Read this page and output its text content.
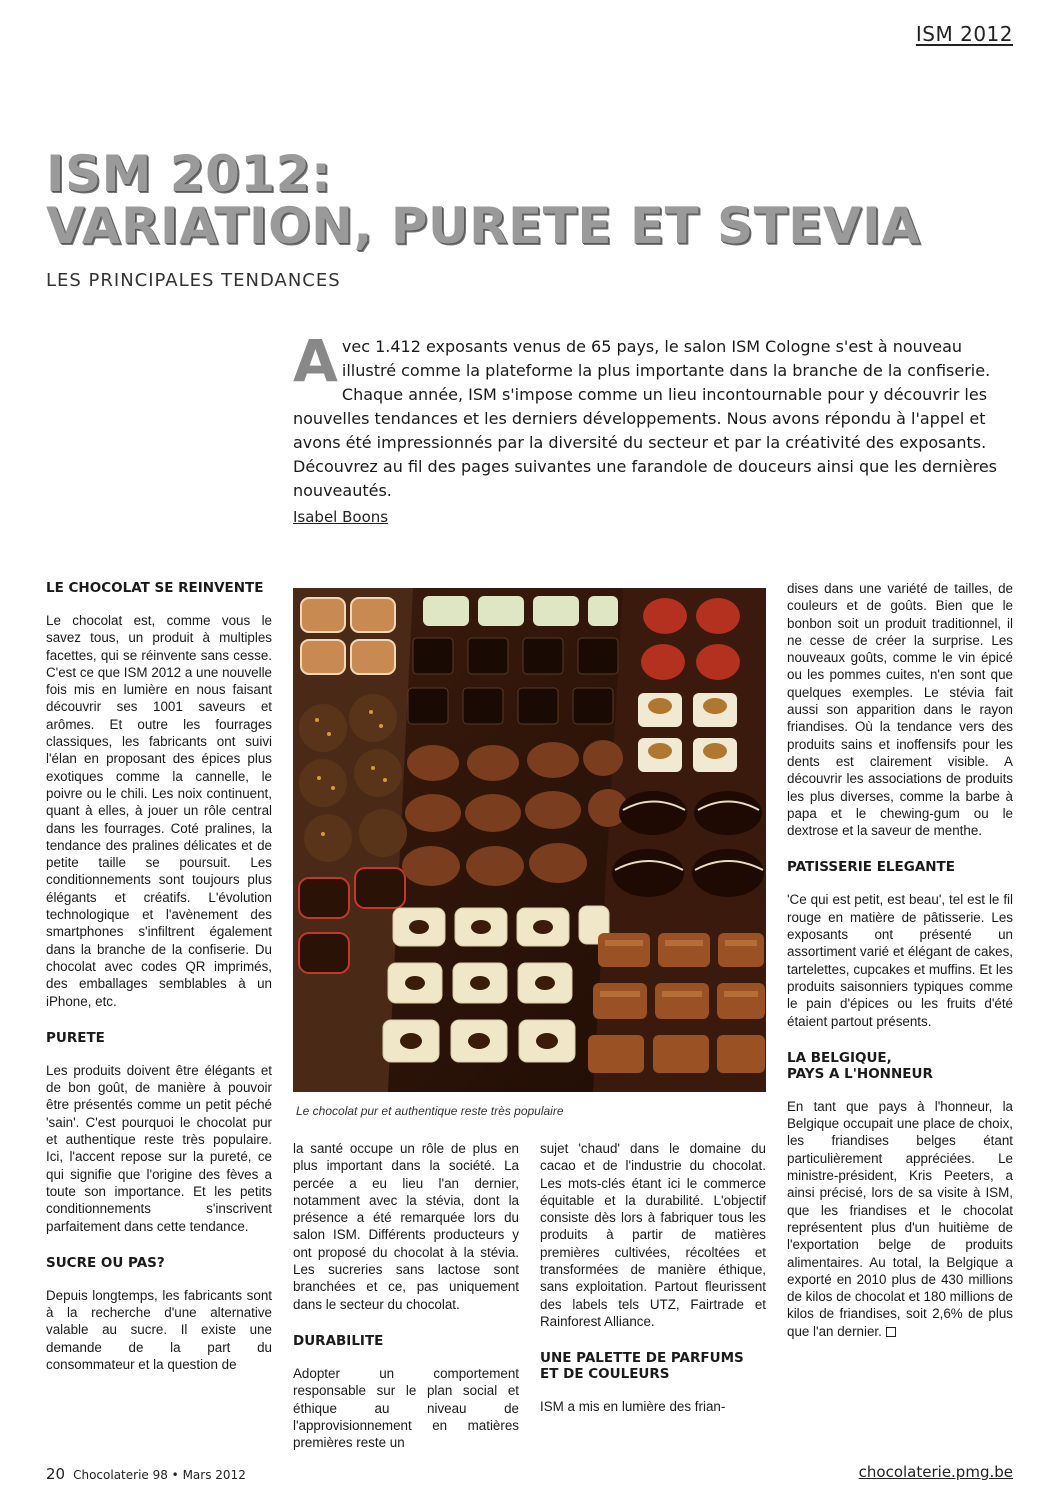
ISM 2012
ISM 2012:
VARIATION, PURETE ET STEVIA
LES PRINCIPALES TENDANCES
A vec 1.412 exposants venus de 65 pays, le salon ISM Cologne s'est à nouveau illustré comme la plateforme la plus importante dans la branche de la confiserie. Chaque année, ISM s'impose comme un lieu incontournable pour y découvrir les nouvelles tendances et les derniers développements. Nous avons répondu à l'appel et avons été impressionnés par la diversité du secteur et par la créativité des exposants. Découvrez au fil des pages suivantes une farandole de douceurs ainsi que les dernières nouveautés.

Isabel Boons
LE CHOCOLAT SE REINVENTE

Le chocolat est, comme vous le savez tous, un produit à multiples facettes, qui se réinvente sans cesse. C'est ce que ISM 2012 a une nouvelle fois mis en lumière en nous faisant découvrir ses 1001 saveurs et arômes. Et outre les fourrages classiques, les fabricants ont suivi l'élan en proposant des épices plus exotiques comme la cannelle, le poivre ou le chili. Les noix continuent, quant à elles, à jouer un rôle central dans les fourrages. Coté pralines, la tendance des pralines délicates et de petite taille se poursuit. Les conditionnements sont toujours plus élégants et créatifs. L'évolution technologique et l'avènement des smartphones s'infiltrent également dans la branche de la confiserie. Du chocolat avec codes QR imprimés, des emballages semblables à un iPhone, etc.

PURETE

Les produits doivent être élégants et de bon goût, de manière à pouvoir être présentés comme un petit péché 'sain'. C'est pourquoi le chocolat pur et authentique reste très populaire. Ici, l'accent repose sur la pureté, ce qui signifie que l'origine des fèves a toute son importance. Et les petits conditionnements s'inscrivent parfaitement dans cette tendance.

SUCRE OU PAS?

Depuis longtemps, les fabricants sont à la recherche d'une alternative valable au sucre. Il existe une demande de la part du consommateur et la question de

Le chocolat pur et authentique reste très populaire

la santé occupe un rôle de plus en plus important dans la société. La percée a eu lieu l'an dernier, notamment avec la stévia, dont la présence a été remarquée lors du salon ISM. Différents producteurs y ont proposé du chocolat à la stévia. Les sucreries sans lactose sont branchées et ce, pas uniquement dans le secteur du chocolat.

DURABILITE

Adopter un comportement responsable sur le plan social et éthique au niveau de l'approvisionnement en matières premières reste un

sujet 'chaud' dans le domaine du cacao et de l'industrie du chocolat. Les mots-clés étant ici le commerce équitable et la durabilité. L'objectif consiste dès lors à fabriquer tous les produits à partir de matières premières cultivées, récoltées et transformées de manière éthique, sans exploitation. Partout fleurissent des labels tels UTZ, Fairtrade et Rainforest Alliance.

UNE PALETTE DE PARFUMS ET DE COULEURS

ISM a mis en lumière des frian-

dises dans une variété de tailles, de couleurs et de goûts. Bien que le bonbon soit un produit traditionnel, il ne cesse de créer la surprise. Les nouveaux goûts, comme le vin épicé ou les pommes cuites, n'en sont que quelques exemples. Le stévia fait aussi son apparition dans le rayon friandises. Où la tendance vers des produits sains et inoffensifs pour les dents est clairement visible. A découvrir les associations de produits les plus diverses, comme la barbe à papa et le chewing-gum ou le dextrose et la saveur de menthe.

PATISSERIE ELEGANTE

'Ce qui est petit, est beau', tel est le fil rouge en matière de pâtisserie. Les exposants ont présenté un assortiment varié et élégant de cakes, tartelettes, cupcakes et muffins. Et les produits saisonniers typiques comme le pain d'épices ou les fruits d'été étaient partout présents.

LA BELGIQUE,
PAYS A L'HONNEUR

En tant que pays à l'honneur, la Belgique occupait une place de choix, les friandises belges étant particulièrement appréciées. Le ministre-président, Kris Peeters, a ainsi précisé, lors de sa visite à ISM, que les friandises et le chocolat représentent plus d'un huitième de l'exportation belge de produits alimentaires. Au total, la Belgique a exporté en 2010 plus de 430 millions de kilos de chocolat et 180 millions de kilos de friandises, soit 2,6% de plus que l'an dernier.

20 Chocolaterie 98 • Mars 2012	chocolaterie.pmg.be
